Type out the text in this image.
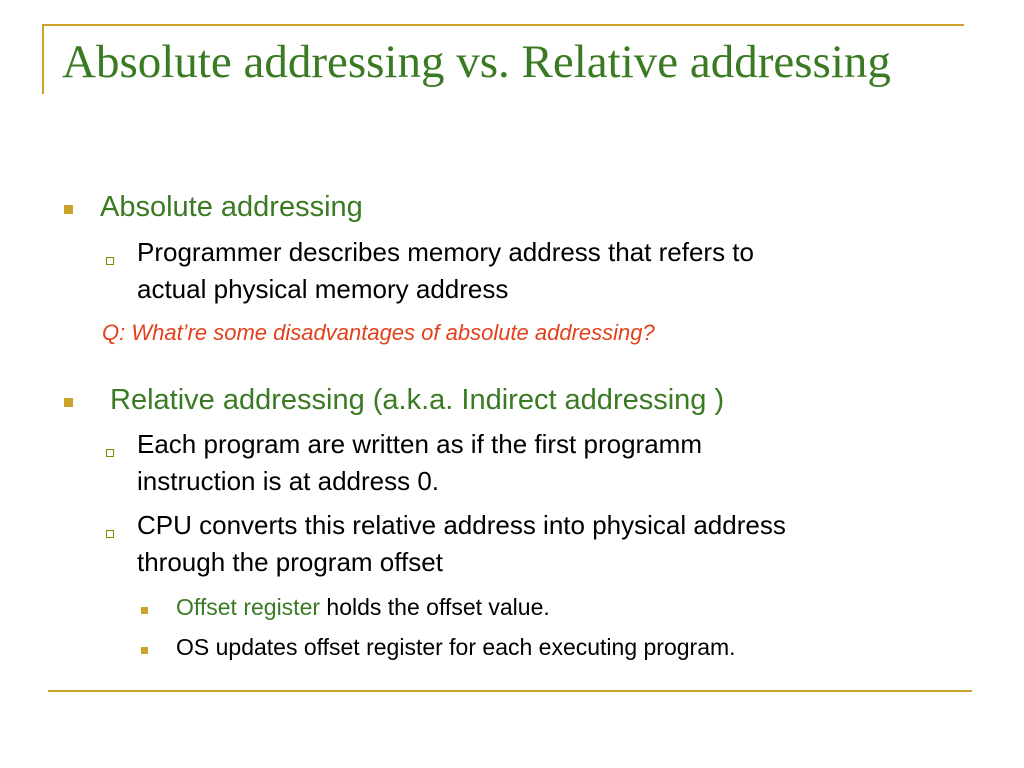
Absolute addressing vs. Relative addressing
Absolute addressing
Programmer describes memory address that refers to
actual physical memory address
Q: What’re some disadvantages of absolute addressing?
Relative addressing (a.k.a. Indirect addressing )
Each program are written as if the first programm
instruction is at address 0.
CPU converts this relative address into physical address
through the program offset
Offset register holds the offset value.
OS updates offset register for each executing program.
